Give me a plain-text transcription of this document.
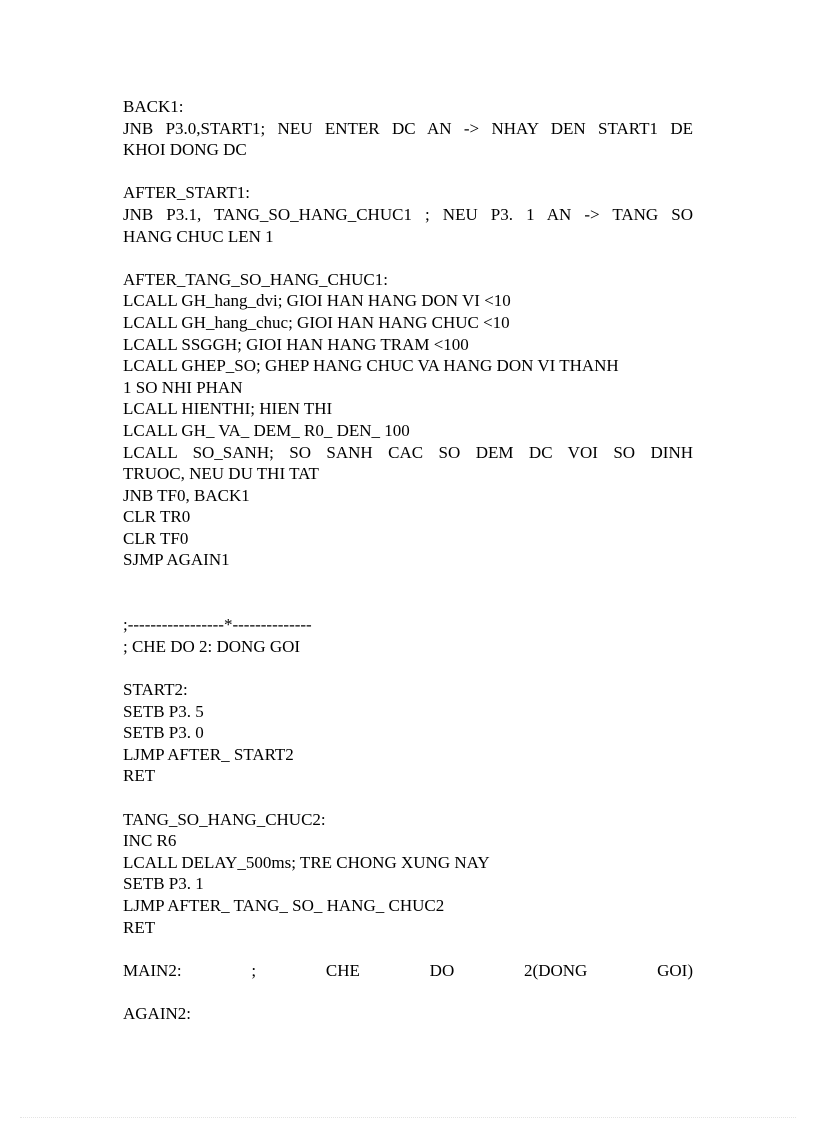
BACK1:
JNB P3.0,START1; NEU ENTER DC AN -> NHAY DEN START1 DE
KHOI DONG DC
AFTER_START1:
JNB P3.1, TANG_SO_HANG_CHUC1 ; NEU P3. 1 AN -> TANG SO
HANG CHUC LEN 1
AFTER_TANG_SO_HANG_CHUC1:
LCALL GH_hang_dvi; GIOI HAN HANG DON VI <10
LCALL GH_hang_chuc; GIOI HAN HANG CHUC <10
LCALL SSGGH; GIOI HAN HANG TRAM <100
LCALL GHEP_SO; GHEP HANG CHUC VA HANG DON VI THANH
1 SO NHI PHAN
LCALL HIENTHI; HIEN THI
LCALL GH_ VA_ DEM_ R0_ DEN_ 100
LCALL SO_SANH; SO SANH CAC SO DEM DC VOI SO DINH
TRUOC, NEU DU THI TAT
JNB TF0, BACK1
CLR TR0
CLR TF0
SJMP AGAIN1
;-----------------*--------------
; CHE DO 2: DONG GOI
START2:
SETB P3. 5
SETB P3. 0
LJMP AFTER_ START2
RET
TANG_SO_HANG_CHUC2:
INC R6
LCALL DELAY_500ms; TRE CHONG XUNG NAY
SETB P3. 1
LJMP AFTER_ TANG_ SO_ HANG_ CHUC2
RET
MAIN2: ; CHE DO 2(DONG GOI)
AGAIN2:
